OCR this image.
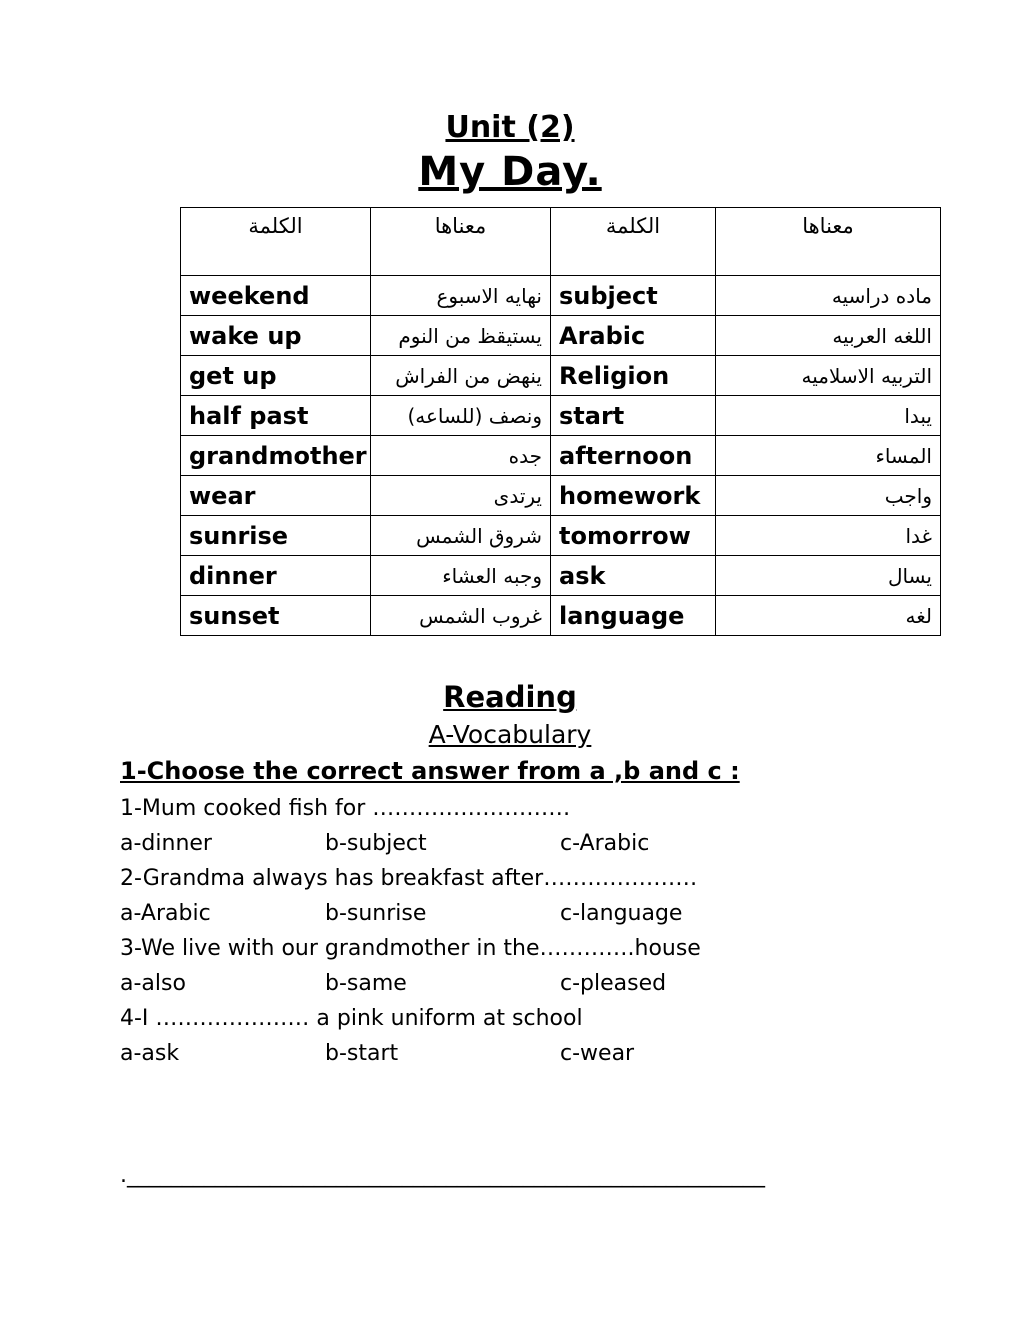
Unit (2)
My Day.
الكلمة	معناها	الكلمة	معناها
weekend	نهايه الاسبوع	subject	ماده دراسيه
wake up	يستيقظ من النوم	Arabic	اللغه العربيه
get up	ينهض من الفراش	Religion	التربيه الاسلاميه
half past	ونصف (للساعه)	start	يبدا
grandmother	جده	afternoon	المساء
wear	يرتدى	homework	واجب
sunrise	شروق الشمس	tomorrow	غدا
dinner	وجبه العشاء	ask	يسال
sunset	غروب الشمس	language	لغه
Reading
A-Vocabulary
1-Choose the correct answer from a ,b and c :
1-Mum cooked fish for ………………………
a-dinner	b-subject	c-Arabic
2-Grandma always has breakfast after…………………
a-Arabic	b-sunrise	c-language
3-We live with our grandmother in the………….house
a-also	b-same	c-pleased
4-I ………………… a pink uniform at school
a-ask	b-start	c-wear
.__________________________________________________________
